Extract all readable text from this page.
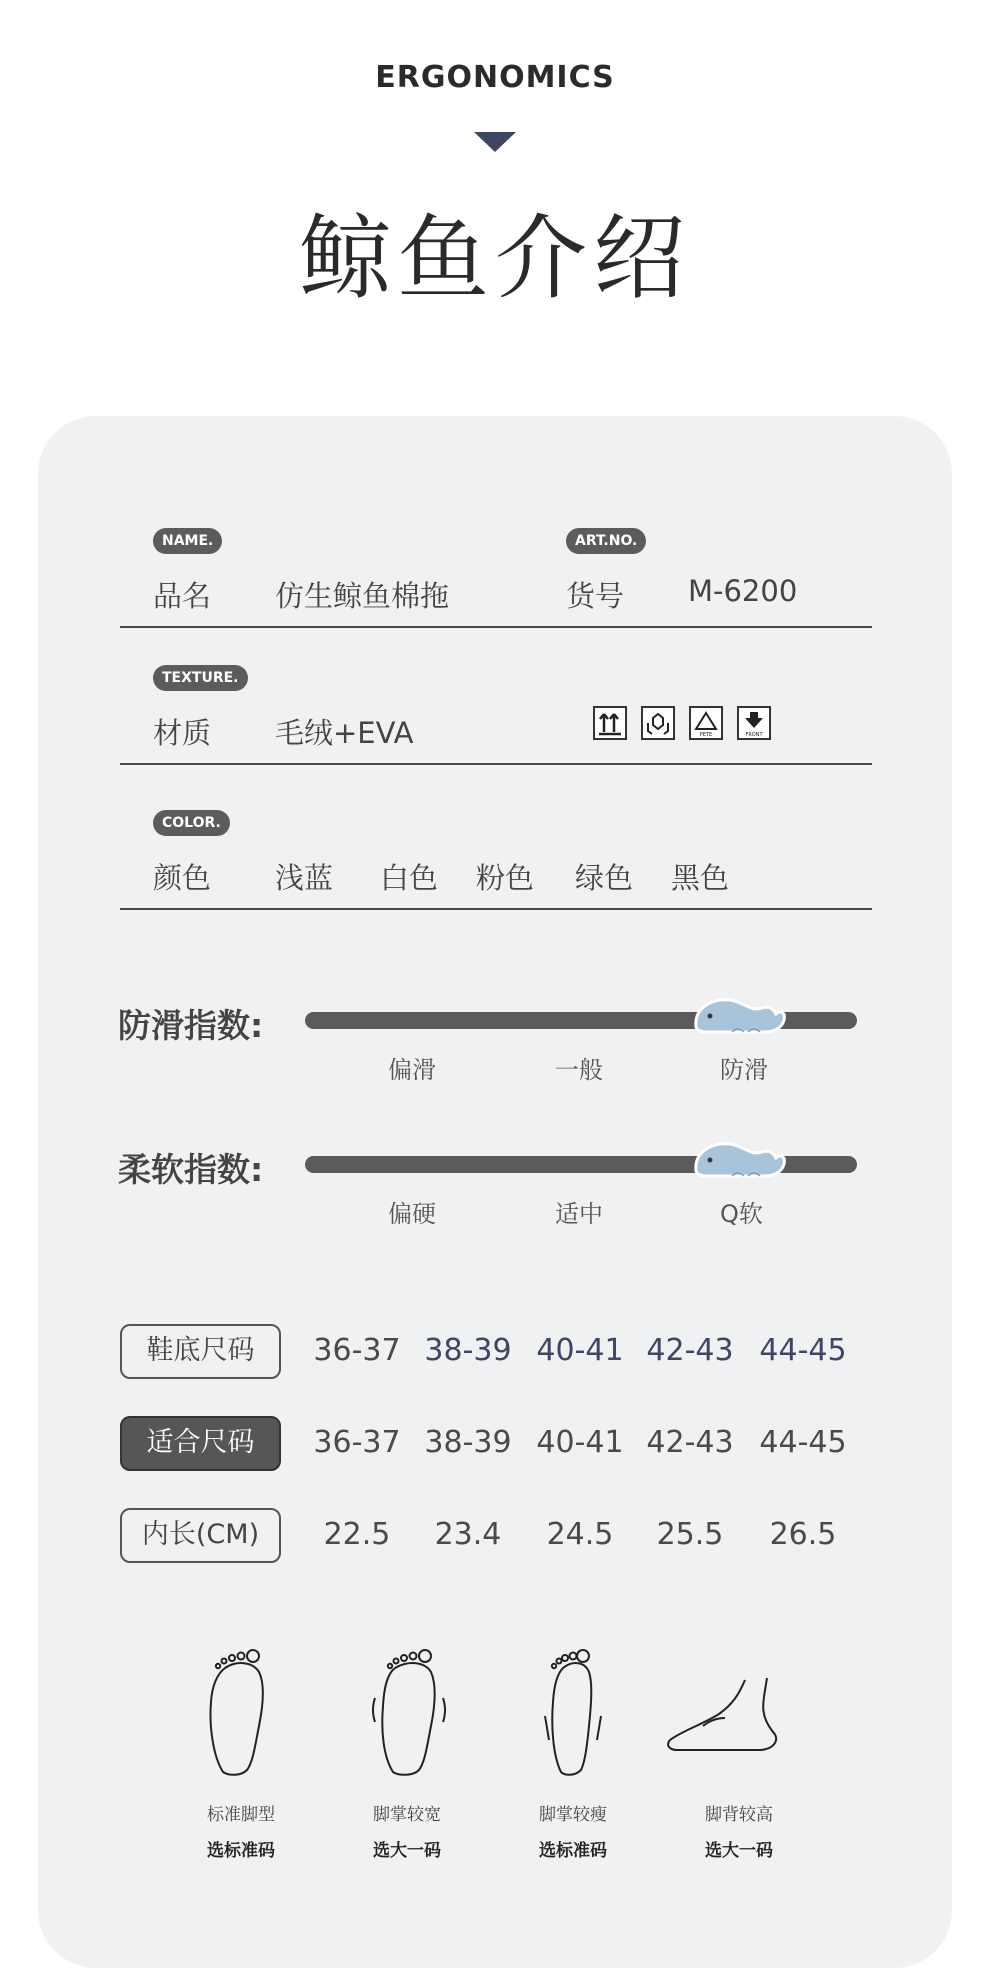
ERGONOMICS
鲸鱼介绍
NAME.
品名 仿生鲸鱼棉拖
ART.NO.
货号 M-6200
TEXTURE.
材质 毛绒+EVA	PETE	FRONT
COLOR.
颜色 浅蓝 白色 粉色 绿色 黑色
防滑指数:
偏滑	一般	防滑
柔软指数:
偏硬	适中	Q软
鞋底尺码	36-37 38-39 40-41 42-43 44-45
适合尺码	36-37 38-39 40-41 42-43 44-45
内长(CM)	22.5	23.4	24.5	25.5	26.5
标准脚型	脚掌较宽	脚掌较瘦	脚背较高
选标准码	选大一码	选标准码	选大一码
